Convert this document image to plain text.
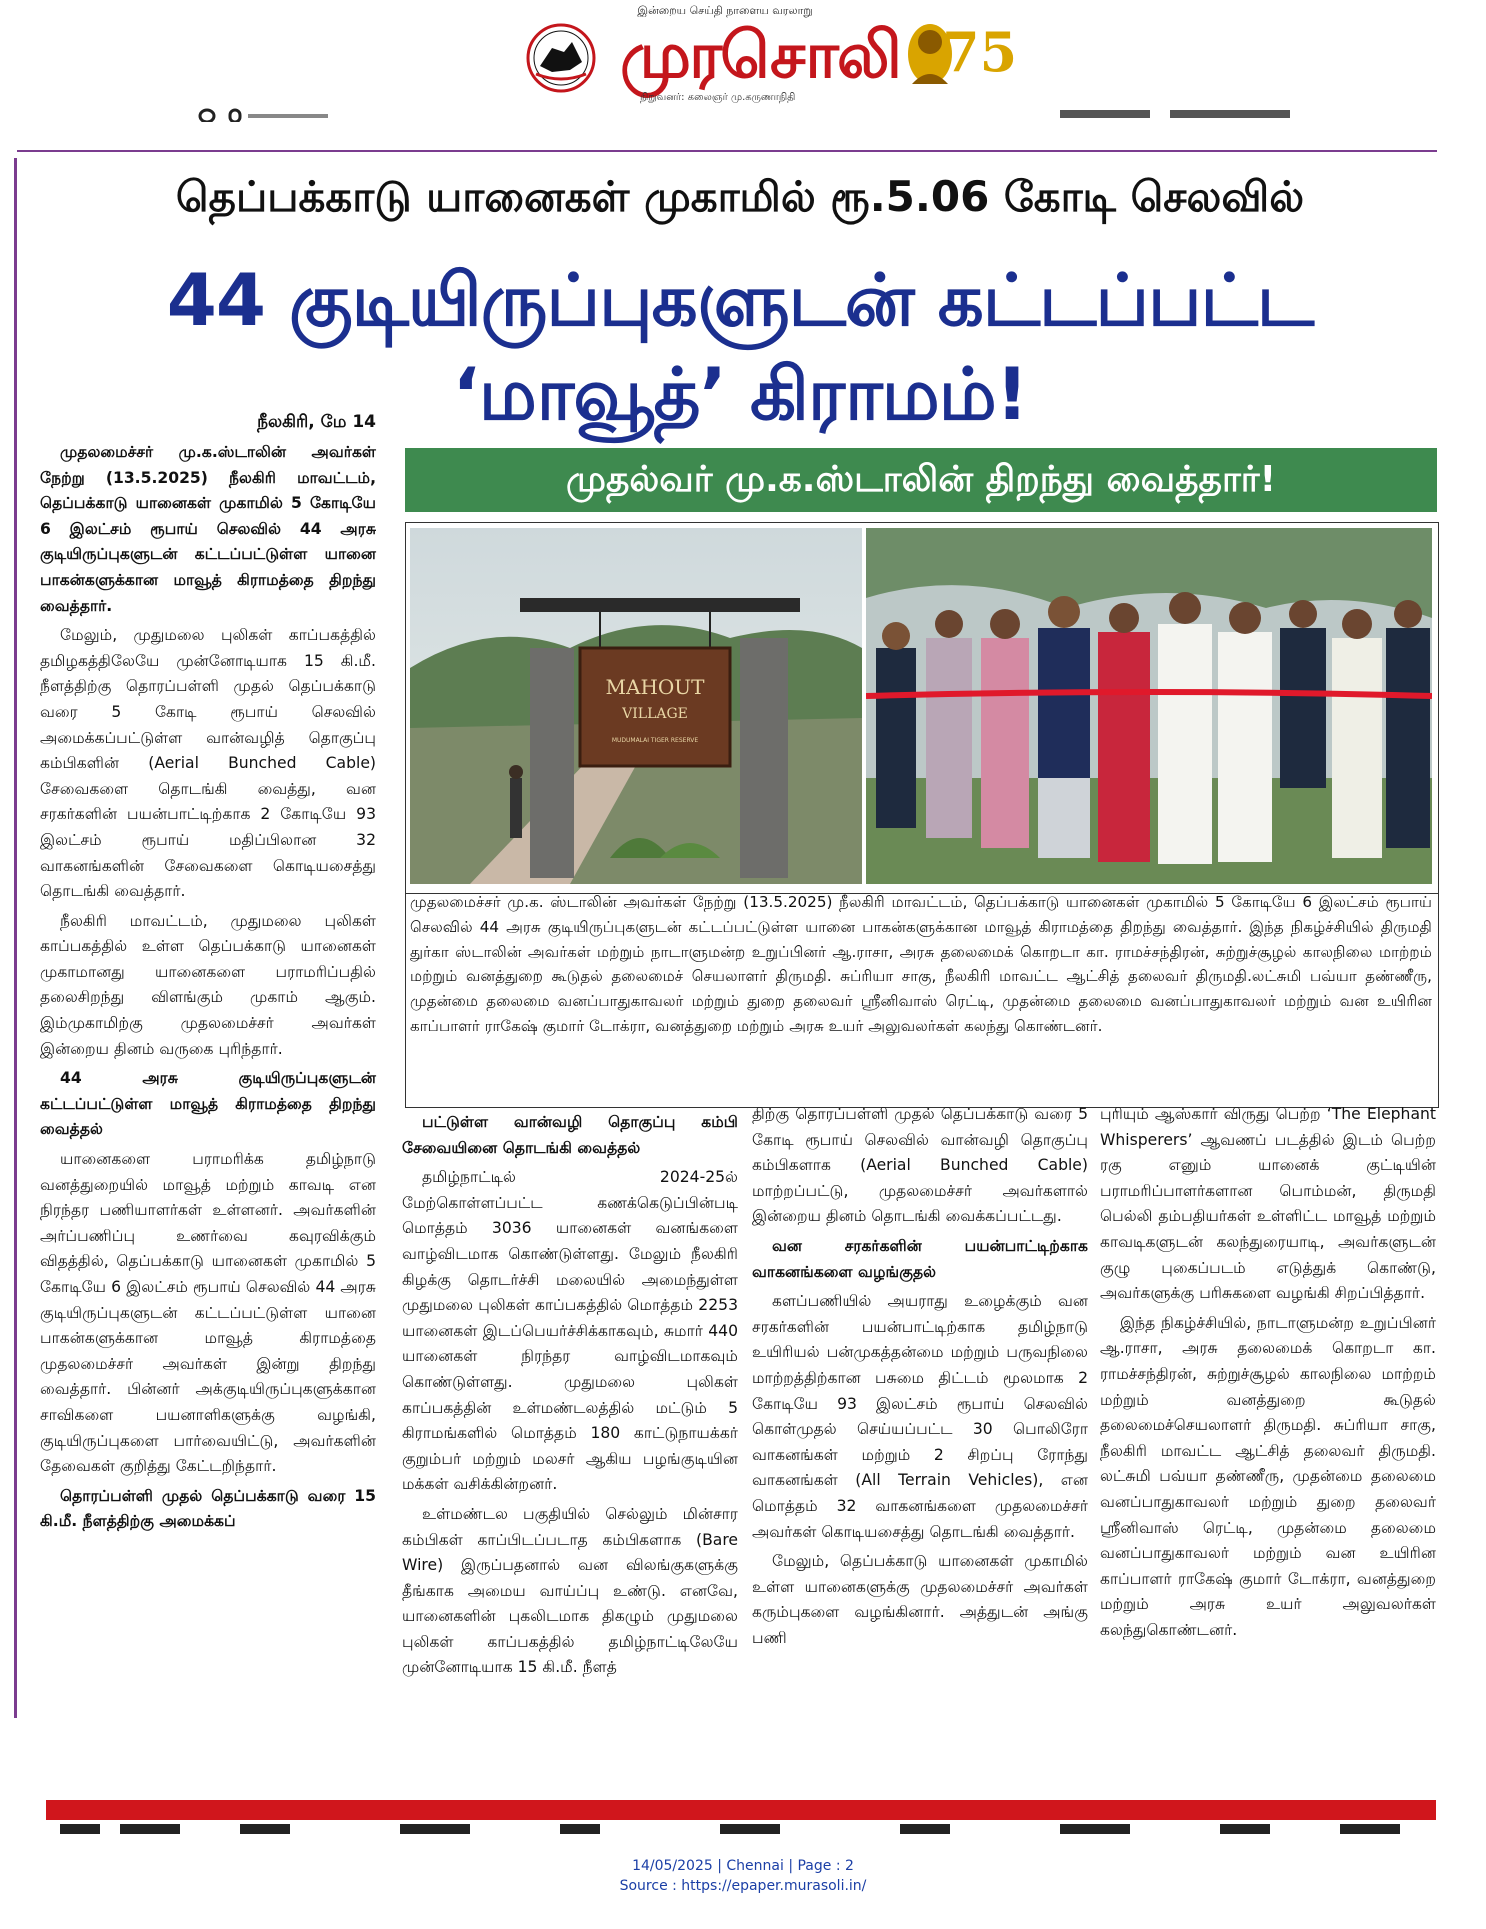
இன்றைய செய்தி நாளைய வரலாறு
முரசொலி
நிறுவனர்: கலைஞர் மு.கருணாநிதி
75
தெப்பக்காடு யானைகள் முகாமில் ரூ.5.06 கோடி செலவில்
44 குடியிருப்புகளுடன் கட்டப்பட்ட ‘மாவூத்’ கிராமம்!
நீலகிரி, மே 14

முதலமைச்சர் மு.க.ஸ்டாலின் அவர்கள் நேற்று (13.5.2025) நீலகிரி மாவட்டம், தெப்பக்காடு யானைகள் முகாமில் 5 கோடியே 6 இலட்சம் ரூபாய் செலவில் 44 அரசு குடியிருப்புகளுடன் கட்டப்பட்டுள்ள யானை பாகன்களுக்கான மாவூத் கிராமத்தை திறந்து வைத்தார்.

மேலும், முதுமலை புலிகள் காப்பகத்தில் தமிழகத்திலேயே முன்னோடியாக 15 கி.மீ. நீளத்திற்கு தொரப்பள்ளி முதல் தெப்பக்காடு வரை 5 கோடி ரூபாய் செலவில் அமைக்கப்பட்டுள்ள வான்வழித் தொகுப்பு கம்பிகளின் (Aerial Bunched Cable) சேவைகளை தொடங்கி வைத்து, வன சரகர்களின் பயன்பாட்டிற்காக 2 கோடியே 93 இலட்சம் ரூபாய் மதிப்பிலான 32 வாகனங்களின் சேவைகளை கொடியசைத்து தொடங்கி வைத்தார்.

நீலகிரி மாவட்டம், முதுமலை புலிகள் காப்பகத்தில் உள்ள தெப்பக்காடு யானைகள் முகாமானது யானைகளை பராமரிப்பதில் தலைசிறந்து விளங்கும் முகாம் ஆகும். இம்முகாமிற்கு முதலமைச்சர் அவர்கள் இன்றைய தினம் வருகை புரிந்தார்.

44 அரசு குடியிருப்புகளுடன் கட்டப்பட்டுள்ள மாவூத் கிராமத்தை திறந்து வைத்தல்

யானைகளை பராமரிக்க தமிழ்நாடு வனத்துறையில் மாவூத் மற்றும் காவடி என நிரந்தர பணியாளர்கள் உள்ளனர். அவர்களின் அர்ப்பணிப்பு உணர்வை கவுரவிக்கும் விதத்தில், தெப்பக்காடு யானைகள் முகாமில் 5 கோடியே 6 இலட்சம் ரூபாய் செலவில் 44 அரசு குடியிருப்புகளுடன் கட்டப்பட்டுள்ள யானை பாகன்களுக்கான மாவூத் கிராமத்தை முதலமைச்சர் அவர்கள் இன்று திறந்து வைத்தார். பின்னர் அக்குடியிருப்புகளுக்கான சாவிகளை பயனாளிகளுக்கு வழங்கி, குடியிருப்புகளை பார்வையிட்டு, அவர்களின் தேவைகள் குறித்து கேட்டறிந்தார்.

தொரப்பள்ளி முதல் தெப்பக்காடு வரை 15 கி.மீ. நீளத்திற்கு அமைக்கப்

முதல்வர் மு.க.ஸ்டாலின் திறந்து வைத்தார்!
MAHOUT
VILLAGE
MUDUMALAI TIGER RESERVE
முதலமைச்சர் மு.க. ஸ்டாலின் அவர்கள் நேற்று (13.5.2025) நீலகிரி மாவட்டம், தெப்பக்காடு யானைகள் முகாமில் 5 கோடியே 6 இலட்சம் ரூபாய் செலவில் 44 அரசு குடியிருப்புகளுடன் கட்டப்பட்டுள்ள யானை பாகன்களுக்கான மாவூத் கிராமத்தை திறந்து வைத்தார். இந்த நிகழ்ச்சியில் திருமதி துர்கா ஸ்டாலின் அவர்கள் மற்றும் நாடாளுமன்ற உறுப்பினர் ஆ.ராசா, அரசு தலைமைக் கொறடா கா. ராமச்சந்திரன், சுற்றுச்சூழல் காலநிலை மாற்றம் மற்றும் வனத்துறை கூடுதல் தலைமைச் செயலாளர் திருமதி. சுப்ரியா சாகு, நீலகிரி மாவட்ட ஆட்சித் தலைவர் திருமதி.லட்சுமி பவ்யா தண்ணீரு, முதன்மை தலைமை வனப்பாதுகாவலர் மற்றும் துறை தலைவர் ஸ்ரீனிவாஸ் ரெட்டி, முதன்மை தலைமை வனப்பாதுகாவலர் மற்றும் வன உயிரின காப்பாளர் ராகேஷ் குமார் டோக்ரா, வனத்துறை மற்றும் அரசு உயர் அலுவலர்கள் கலந்து கொண்டனர்.

பட்டுள்ள வான்வழி தொகுப்பு கம்பி சேவையினை தொடங்கி வைத்தல்

தமிழ்நாட்டில் 2024-25ல் மேற்கொள்ளப்பட்ட கணக்கெடுப்பின்படி மொத்தம் 3036 யானைகள் வனங்களை வாழ்விடமாக கொண்டுள்ளது. மேலும் நீலகிரி கிழக்கு தொடர்ச்சி மலையில் அமைந்துள்ள முதுமலை புலிகள் காப்பகத்தில் மொத்தம் 2253 யானைகள் இடப்பெயர்ச்சிக்காகவும், சுமார் 440 யானைகள் நிரந்தர வாழ்விடமாகவும் கொண்டுள்ளது. முதுமலை புலிகள் காப்பகத்தின் உள்மண்டலத்தில் மட்டும் 5 கிராமங்களில் மொத்தம் 180 காட்டுநாயக்கர் குறும்பர் மற்றும் மலசர் ஆகிய பழங்குடியின மக்கள் வசிக்கின்றனர்.

உள்மண்டல பகுதியில் செல்லும் மின்சார கம்பிகள் காப்பிடப்படாத கம்பிகளாக (Bare Wire) இருப்பதனால் வன விலங்குகளுக்கு தீங்காக அமைய வாய்ப்பு உண்டு. எனவே, யானைகளின் புகலிடமாக திகழும் முதுமலை புலிகள் காப்பகத்தில் தமிழ்நாட்டிலேயே முன்னோடியாக 15 கி.மீ. நீளத்

திற்கு தொரப்பள்ளி முதல் தெப்பக்காடு வரை 5 கோடி ரூபாய் செலவில் வான்வழி தொகுப்பு கம்பிகளாக (Aerial Bunched Cable) மாற்றப்பட்டு, முதலமைச்சர் அவர்களால் இன்றைய தினம் தொடங்கி வைக்கப்பட்டது.

வன சரகர்களின் பயன்பாட்டிற்காக வாகனங்களை வழங்குதல்

களப்பணியில் அயராது உழைக்கும் வன சரகர்களின் பயன்பாட்டிற்காக தமிழ்நாடு உயிரியல் பன்முகத்தன்மை மற்றும் பருவநிலை மாற்றத்திற்கான பசுமை திட்டம் மூலமாக 2 கோடியே 93 இலட்சம் ரூபாய் செலவில் கொள்முதல் செய்யப்பட்ட 30 பொலிரோ வாகனங்கள் மற்றும் 2 சிறப்பு ரோந்து வாகனங்கள் (All Terrain Vehicles), என மொத்தம் 32 வாகனங்களை முதலமைச்சர் அவர்கள் கொடியசைத்து தொடங்கி வைத்தார்.

மேலும், தெப்பக்காடு யானைகள் முகாமில் உள்ள யானைகளுக்கு முதலமைச்சர் அவர்கள் கரும்புகளை வழங்கினார். அத்துடன் அங்கு பணி

புரியும் ஆஸ்கார் விருது பெற்ற ‘The Elephant Whisperers’ ஆவணப் படத்தில் இடம் பெற்ற ரகு எனும் யானைக் குட்டியின் பராமரிப்பாளர்களான பொம்மன், திருமதி பெல்லி தம்பதியர்கள் உள்ளிட்ட மாவூத் மற்றும் காவடிகளுடன் கலந்துரையாடி, அவர்களுடன் குழு புகைப்படம் எடுத்துக் கொண்டு, அவர்களுக்கு பரிசுகளை வழங்கி சிறப்பித்தார்.

இந்த நிகழ்ச்சியில், நாடாளுமன்ற உறுப்பினர் ஆ.ராசா, அரசு தலைமைக் கொறடா கா. ராமச்சந்திரன், சுற்றுச்சூழல் காலநிலை மாற்றம் மற்றும் வனத்துறை கூடுதல் தலைமைச்செயலாளர் திருமதி. சுப்ரியா சாகு, நீலகிரி மாவட்ட ஆட்சித் தலைவர் திருமதி. லட்சுமி பவ்யா தண்ணீரு, முதன்மை தலைமை வனப்பாதுகாவலர் மற்றும் துறை தலைவர் ஸ்ரீனிவாஸ் ரெட்டி, முதன்மை தலைமை வனப்பாதுகாவலர் மற்றும் வன உயிரின காப்பாளர் ராகேஷ் குமார் டோக்ரா, வனத்துறை மற்றும் அரசு உயர் அலுவலர்கள் கலந்துகொண்டனர்.

14/05/2025 | Chennai | Page : 2
Source : https://epaper.murasoli.in/
